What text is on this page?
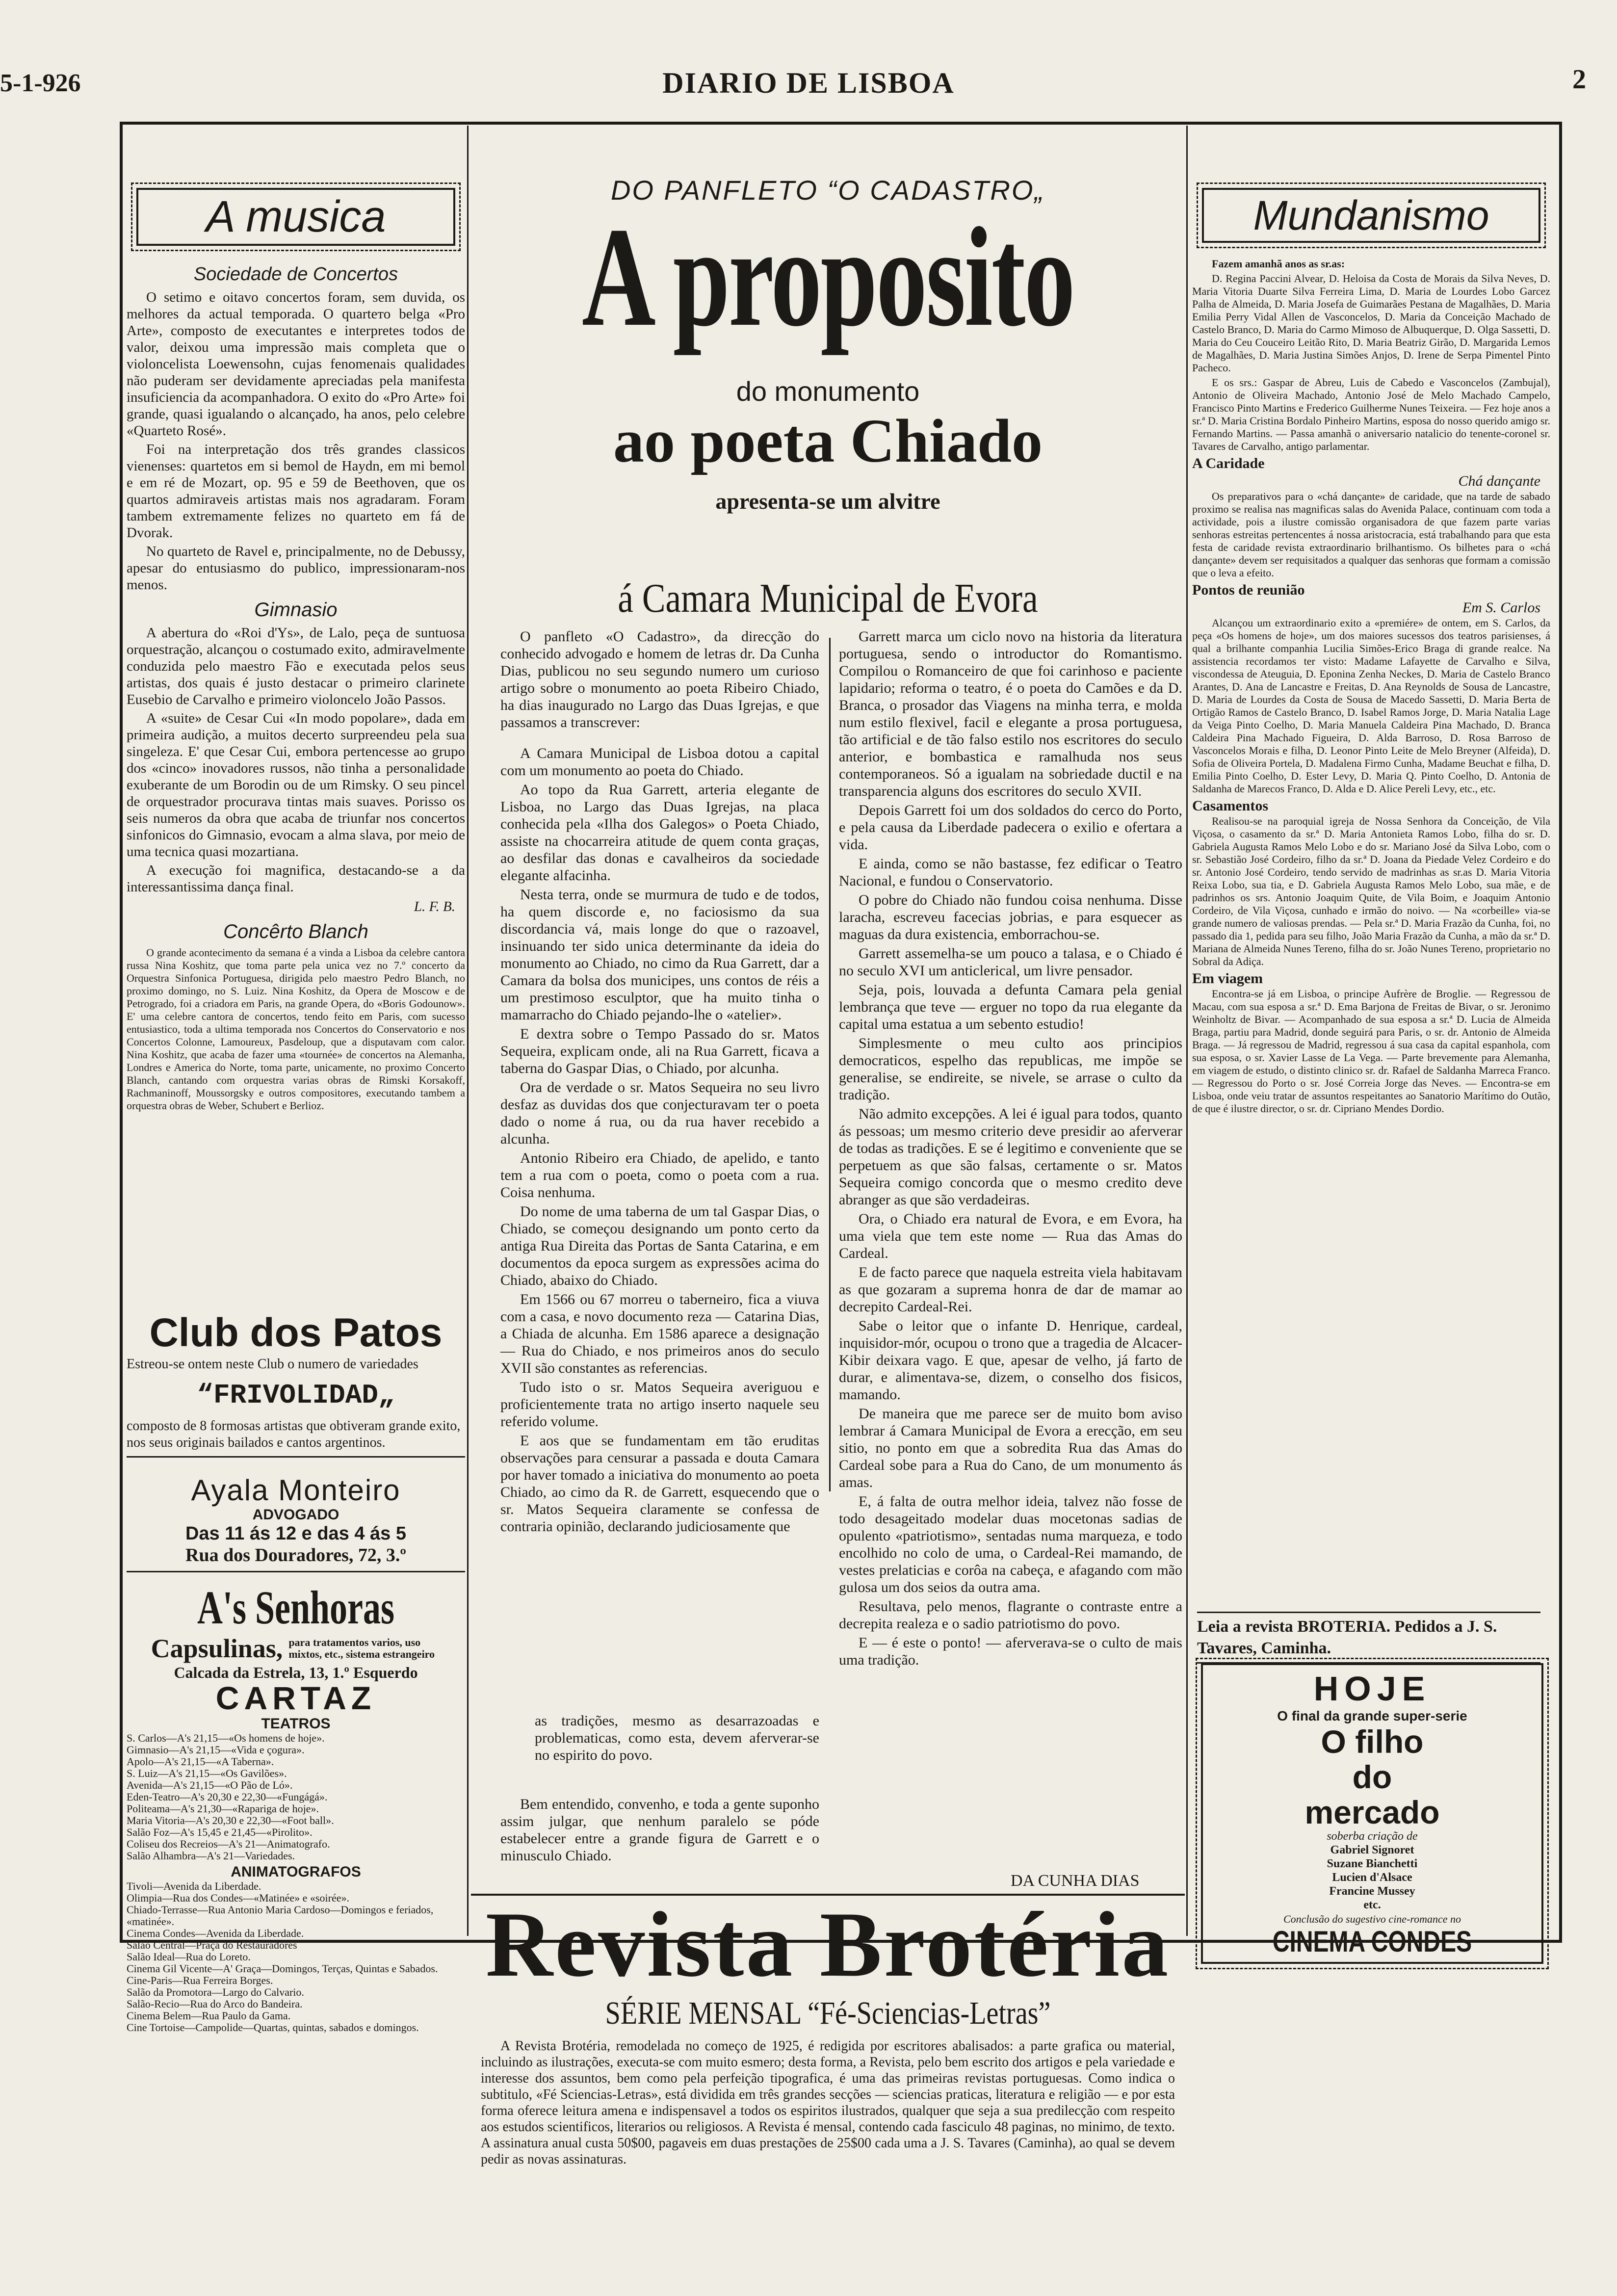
5-1-926	DIARIO DE LISBOA	2
A musica
Sociedade de Concertos

O setimo e oitavo concertos foram, sem duvida, os melhores da actual temporada. O quartето belga «Pro Arte», composto de executantes e interpretes todos de valor, deixou uma impressão mais completa que o violoncelista Loewensohn, cujas fenomenais qualidades não puderam ser devidamente apreciadas pela manifesta insuficiencia da acompanhadora. O exito do «Pro Arte» foi grande, quasi igualando o alcançado, ha anos, pelo celebre «Quarteto Rosé».

Foi na interpretação dos três grandes classicos vienenses: quartetos em si bemol de Haydn, em mi bemol e em ré de Mozart, op. 95 e 59 de Beethoven, que os quartos admiraveis artistas mais nos agradaram. Foram tambem extremamente felizes no quarteto em fá de Dvorak.

No quarteto de Ravel e, principalmente, no de Debussy, apesar do entusiasmo do publico, impressionaram-nos menos.

Gimnasio

A abertura do «Roi d'Ys», de Lalo, peça de suntuosa orquestração, alcançou o costumado exito, admiravelmente conduzida pelo maestro Fão e executada pelos seus artistas, dos quais é justo destacar o primeiro clarinete Eusebio de Carvalho e primeiro violoncelo João Passos.

A «suite» de Cesar Cui «In modo popolare», dada em primeira audição, a muitos decerto surpreendeu pela sua singeleza. E' que Cesar Cui, embora pertencesse ao grupo dos «cinco» inovadores russos, não tinha a personalidade exuberante de um Borodin ou de um Rimsky. O seu pincel de orquestrador procurava tintas mais suaves. Porisso os seis numeros da obra que acaba de triunfar nos concertos sinfonicos do Gimnasio, evocam a alma slava, por meio de uma tecnica quasi mozartiana.

A execução foi magnifica, destacando-se a da interessantissima dança final.

L. F. B.
Concêrto Blanch

O grande acontecimento da semana é a vinda a Lisboa da celebre cantora russa Nina Koshitz, que toma parte pela unica vez no 7.º concerto da Orquestra Sinfonica Portuguesa, dirigida pelo maestro Pedro Blanch, no proximo domingo, no S. Luiz. Nina Koshitz, da Opera de Moscow e de Petrogrado, foi a criadora em Paris, na grande Opera, do «Boris Godounow». E' uma celebre cantora de concertos, tendo feito em Paris, com sucesso entusiastico, toda a ultima temporada nos Concertos do Conservatorio e nos Concertos Colonne, Lamoureux, Pasdeloup, que a disputavam com calor. Nina Koshitz, que acaba de fazer uma «tournée» de concertos na Alemanha, Londres e America do Norte, toma parte, unicamente, no proximo Concerto Blanch, cantando com orquestra varias obras de Rimski Korsakoff, Rachmaninoff, Moussorgsky e outros compositores, executando tambem a orquestra obras de Weber, Schubert e Berlioz.

Club dos Patos
Estreou-se ontem neste Club o numero de variedades
“FRIVOLIDAD„
composto de 8 formosas artistas que obtiveram grande exito, nos seus originais bailados e cantos argentinos.
Ayala Monteiro
ADVOGADO
Das 11 ás 12 e das 4 ás 5
Rua dos Douradores, 72, 3.º
A's Senhoras
Capsulinas, para tratamentos varios, uso mixtos, etc., sistema estrangeiro
Calcada da Estrela, 13, 1.º Esquerdo
CARTAZ
TEATROS
S. Carlos—A's 21,15—«Os homens de hoje».
Gimnasio—A's 21,15—«Vida e çogura».
Apolo—A's 21,15—«A Taberna».
S. Luiz—A's 21,15—«Os Gavilões».
Avenida—A's 21,15—«O Pão de Ló».
Eden-Teatro—A's 20,30 e 22,30—«Fungágá».
Politeama—A's 21,30—«Rapariga de hoje».
Maria Vitoria—A's 20,30 e 22,30—«Foot ball».
Salão Foz—A's 15,45 e 21,45—«Pirolito».
Coliseu dos Recreios—A's 21—Animatografo.
Salão Alhambra—A's 21—Variedades.
ANIMATOGRAFOS
Tivoli—Avenida da Liberdade.
Olimpia—Rua dos Condes—«Matinée» e «soirée».
Chiado-Terrasse—Rua Antonio Maria Cardoso—Domingos e feriados, «matinée».
Cinema Condes—Avenida da Liberdade.
Salão Central—Praça do Restauradores
Salão Ideal—Rua do Loreto.
Cinema Gil Vicente—A' Graça—Domingos, Terças, Quintas e Sabados.
Cine-Paris—Rua Ferreira Borges.
Salão da Promotora—Largo do Calvario.
Salão-Recio—Rua do Arco do Bandeira.
Cinema Belem—Rua Paulo da Gama.
Cine Tortoise—Campolide—Quartas, quintas, sabados e domingos.
DO PANFLETO “O CADASTRO„
A proposito
do monumento
ao poeta Chiado
apresenta-se um alvitre
á Camara Municipal de Evora

O panfleto «O Cadastro», da direcção do conhecido advogado e homem de letras dr. Da Cunha Dias, publicou no seu segundo numero um curioso artigo sobre o monumento ao poeta Ribeiro Chiado, ha dias inaugurado no Largo das Duas Igrejas, e que passamos a transcrever:

A Camara Municipal de Lisboa dotou a capital com um monumento ao poeta do Chiado.

Ao topo da Rua Garrett, arteria elegante de Lisboa, no Largo das Duas Igrejas, na placa conhecida pela «Ilha dos Galegos» o Poeta Chiado, assiste na chocarreira atitude de quem conta graças, ao desfilar das donas e cavalheiros da sociedade elegante alfacinha.

Nesta terra, onde se murmura de tudo e de todos, ha quem discorde e, no faciosismo da sua discordancia vá, mais longe do que o razoavel, insinuando ter sido unica determinante da ideia do monumento ao Chiado, no cimo da Rua Garrett, dar a Camara da bolsa dos municipes, uns contos de réis a um prestimoso esculptor, que ha muito tinha o mamarracho do Chiado pejando-lhe o «atelier».

E dextra sobre o Tempo Passado do sr. Matos Sequeira, explicam onde, ali na Rua Garrett, ficava a taberna do Gaspar Dias, o Chiado, por alcunha.

Ora de verdade o sr. Matos Sequeira no seu livro desfaz as duvidas dos que conjecturavam ter o poeta dado o nome á rua, ou da rua haver recebido a alcunha.

Antonio Ribeiro era Chiado, de apelido, e tanto tem a rua com o poeta, como o poeta com a rua. Coisa nenhuma.

Do nome de uma taberna de um tal Gaspar Dias, o Chiado, se começou designando um ponto certo da antiga Rua Direita das Portas de Santa Catarina, e em documentos da epoca surgem as expressões acima do Chiado, abaixo do Chiado.

Em 1566 ou 67 morreu o taberneiro, fica a viuva com a casa, e novo documento reza — Catarina Dias, a Chiada de alcunha. Em 1586 aparece a designação — Rua do Chiado, e nos primeiros anos do seculo XVII são constantes as referencias.

Tudo isto o sr. Matos Sequeira averiguou e proficientemente trata no artigo inserto naquele seu referido volume.

E aos que se fundamentam em tão eruditas observações para censurar a passada e douta Camara por haver tomado a iniciativa do monumento ao poeta Chiado, ao cimo da R. de Garrett, esquecendo que o sr. Matos Sequeira claramente se confessa de contraria opinião, declarando judiciosamente que

Garrett marca um ciclo novo na historia da literatura portuguesa, sendo o introductor do Romantismo. Compilou o Romanceiro de que foi carinhoso e paciente lapidario; reforma o teatro, é o poeta do Camões e da D. Branca, o prosador das Viagens na minha terra, e molda num estilo flexivel, facil e elegante a prosa portuguesa, tão artificial e de tão falso estilo nos escritores do seculo anterior, e bombastica e ramalhuda nos seus contemporaneos. Só a igualam na sobriedade ductil e na transparencia alguns dos escritores do seculo XVII.

Depois Garrett foi um dos soldados do cerco do Porto, e pela causa da Liberdade padecera o exilio e ofertara a vida.

E ainda, como se não bastasse, fez edificar o Teatro Nacional, e fundou o Conservatorio.

O pobre do Chiado não fundou coisa nenhuma. Disse laracha, escreveu facecias jobrias, e para esquecer as maguas da dura existencia, emborrachou-se.

Garrett assemelha-se um pouco a talasa, e o Chiado é no seculo XVI um anticlerical, um livre pensador.

Seja, pois, louvada a defunta Camara pela genial lembrança que teve — erguer no topo da rua elegante da capital uma estatua a um sebento estudio!

Simplesmente o meu culto aos principios democraticos, espelho das republicas, me impõe se generalise, se endireite, se nivele, se arrase o culto da tradição.

Não admito excepções. A lei é igual para todos, quanto ás pessoas; um mesmo criterio deve presidir ao aferverar de todas as tradições. E se é legitimo e conveniente que se perpetuem as que são falsas, certamente o sr. Matos Sequeira comigo concorda que o mesmo credito deve abranger as que são verdadeiras.

Ora, o Chiado era natural de Evora, e em Evora, ha uma viela que tem este nome — Rua das Amas do Cardeal.

E de facto parece que naquela estreita viela habitavam as que gozaram a suprema honra de dar de mamar ao decrepito Cardeal-Rei.

Sabe o leitor que o infante D. Henrique, cardeal, inquisidor-mór, ocupou o trono que a tragedia de Alcacer-Kibir deixara vago. E que, apesar de velho, já farto de durar, e alimentava-se, dizem, o conselho dos fisicos, mamando.

De maneira que me parece ser de muito bom aviso lembrar á Camara Municipal de Evora a erecção, em seu sitio, no ponto em que a sobredita Rua das Amas do Cardeal sobe para a Rua do Cano, de um monumento ás amas.

E, á falta de outra melhor ideia, talvez não fosse de todo desageitado modelar duas mocetonas sadias de opulento «patriotismo», sentadas numa marqueza, e todo encolhido no colo de uma, o Cardeal-Rei mamando, de vestes prelaticias e corôa na cabeça, e afagando com mão gulosa um dos seios da outra ama.

Resultava, pelo menos, flagrante o contraste entre a decrepita realeza e o sadio patriotismo do povo.

E — é este o ponto! — aferverava-se o culto de mais uma tradição.

as tradições, mesmo as desarrazoadas e problematicas, como esta, devem aferverar-se no espirito do povo.
Bem entendido, convenho, e toda a gente suponho assim julgar, que nenhum paralelo se póde estabelecer entre a grande figura de Garrett e o minusculo Chiado.
DA CUNHA DIAS
Revista Brotéria
SÉRIE MENSAL “Fé-Sciencias-Letras”
A Revista Brotéria, remodelada no começo de 1925, é redigida por escritores abalisados: a parte grafica ou material, incluindo as ilustrações, executa-se com muito esmero; desta forma, a Revista, pelo bem escrito dos artigos e pela variedade e interesse dos assuntos, bem como pela perfeição tipografica, é uma das primeiras revistas portuguesas. Como indica o subtitulo, «Fé Sciencias-Letras», está dividida em três grandes secções — sciencias praticas, literatura e religião — e por esta forma oferece leitura amena e indispensavel a todos os espiritos ilustrados, qualquer que seja a sua predilecção com respeito aos estudos scientificos, literarios ou religiosos. A Revista é mensal, contendo cada fasciculo 48 paginas, no minimo, de texto. A assinatura anual custa 50$00, pagaveis em duas prestações de 25$00 cada uma a J. S. Tavares (Caminha), ao qual se devem pedir as novas assinaturas.
Mundanismo
Fazem amanhã anos as sr.as:

D. Regina Paccini Alvear, D. Heloisa da Costa de Morais da Silva Neves, D. Maria Vitoria Duarte Silva Ferreira Lima, D. Maria de Lourdes Lobo Garcez Palha de Almeida, D. Maria Josefa de Guimarães Pestana de Magalhães, D. Maria Emilia Perry Vidal Allen de Vasconcelos, D. Maria da Conceição Machado de Castelo Branco, D. Maria do Carmo Mimoso de Albuquerque, D. Olga Sassetti, D. Maria do Ceu Couceiro Leitão Rito, D. Maria Beatriz Girão, D. Margarida Lemos de Magalhães, D. Maria Justina Simões Anjos, D. Irene de Serpa Pimentel Pinto Pacheco.

E os srs.: Gaspar de Abreu, Luis de Cabedo e Vasconcelos (Zambujal), Antonio de Oliveira Machado, Antonio José de Melo Machado Campelo, Francisco Pinto Martins e Frederico Guilherme Nunes Teixeira. — Fez hoje anos a sr.ª D. Maria Cristina Bordalo Pinheiro Martins, esposa do nosso querido amigo sr. Fernando Martins. — Passa amanhã o aniversario natalicio do tenente-coronel sr. Tavares de Carvalho, antigo parlamentar.

A Caridade
Chá dançante

Os preparativos para o «chá dançante» de caridade, que na tarde de sabado proximo se realisa nas magnificas salas do Avenida Palace, continuam com toda a actividade, pois a ilustre comissão organisadora de que fazem parte varias senhoras estreitas pertencentes á nossa aristocracia, está trabalhando para que esta festa de caridade revista extraordinario brilhantismo. Os bilhetes para o «chá dançante» devem ser requisitados a qualquer das senhoras que formam a comissão que o leva a efeito.

Pontos de reunião
Em S. Carlos

Alcançou um extraordinario exito a «premiére» de ontem, em S. Carlos, da peça «Os homens de hoje», um dos maiores sucessos dos teatros parisienses, á qual a brilhante companhia Lucilia Simões-Erico Braga di grande realce. Na assistencia recordamos ter visto: Madame Lafayette de Carvalho e Silva, viscondessa de Ateuguia, D. Eponina Zenha Neckes, D. Maria de Castelo Branco Arantes, D. Ana de Lancastre e Freitas, D. Ana Reynolds de Sousa de Lancastre, D. Maria de Lourdes da Costa de Sousa de Macedo Sassetti, D. Maria Berta de Ortigão Ramos de Castelo Branco, D. Isabel Ramos Jorge, D. Maria Natalia Lage da Veiga Pinto Coelho, D. Maria Manuela Caldeira Pina Machado, D. Branca Caldeira Pina Machado Figueira, D. Alda Barroso, D. Rosa Barroso de Vasconcelos Morais e filha, D. Leonor Pinto Leite de Melo Breyner (Alfeida), D. Sofia de Oliveira Portela, D. Madalena Firmo Cunha, Madame Beuchat e filha, D. Emilia Pinto Coelho, D. Ester Levy, D. Maria Q. Pinto Coelho, D. Antonia de Saldanha de Marecos Franco, D. Alda e D. Alice Pereli Levy, etc., etc.

Casamentos

Realisou-se na paroquial igreja de Nossa Senhora da Conceição, de Vila Viçosa, o casamento da sr.ª D. Maria Antonieta Ramos Lobo, filha do sr. D. Gabriela Augusta Ramos Melo Lobo e do sr. Mariano José da Silva Lobo, com o sr. Sebastião José Cordeiro, filho da sr.ª D. Joana da Piedade Velez Cordeiro e do sr. Antonio José Cordeiro, tendo servido de madrinhas as sr.as D. Maria Vitoria Reixa Lobo, sua tia, e D. Gabriela Augusta Ramos Melo Lobo, sua mãe, e de padrinhos os srs. Antonio Joaquim Quite, de Vila Boim, e Joaquim Antonio Cordeiro, de Vila Viçosa, cunhado e irmão do noivo. — Na «corbeille» via-se grande numero de valiosas prendas. — Pela sr.ª D. Maria Frazão da Cunha, foi, no passado dia 1, pedida para seu filho, João Maria Frazão da Cunha, a mão da sr.ª D. Mariana de Almeida Nunes Tereno, filha do sr. João Nunes Tereno, proprietario no Sobral da Adiça.

Em viagem

Encontra-se já em Lisboa, o principe Aufrère de Broglie. — Regressou de Macau, com sua esposa a sr.ª D. Ema Barjona de Freitas de Bivar, o sr. Jeronimo Weinholtz de Bivar. — Acompanhado de sua esposa a sr.ª D. Lucia de Almeida Braga, partiu para Madrid, donde seguirá para Paris, o sr. dr. Antonio de Almeida Braga. — Já regressou de Madrid, regressou á sua casa da capital espanhola, com sua esposa, o sr. Xavier Lasse de La Vega. — Parte brevemente para Alemanha, em viagem de estudo, o distinto clinico sr. dr. Rafael de Saldanha Marreca Franco. — Regressou do Porto o sr. José Correia Jorge das Neves. — Encontra-se em Lisboa, onde veiu tratar de assuntos respeitantes ao Sanatorio Marítimo do Outão, de que é ilustre director, o sr. dr. Cipriano Mendes Dordio.

Leia a revista BROTERIA. Pedidos a J. S. Tavares, Caminha.
HOJE
O final da grande super-serie
O filho
do
mercado
soberba criação de
Gabriel Signoret
Suzane Bianchetti
Lucien d'Alsace
Francine Mussey
etc.
Conclusão do sugestivo cine-romance no
CINEMA CONDES
